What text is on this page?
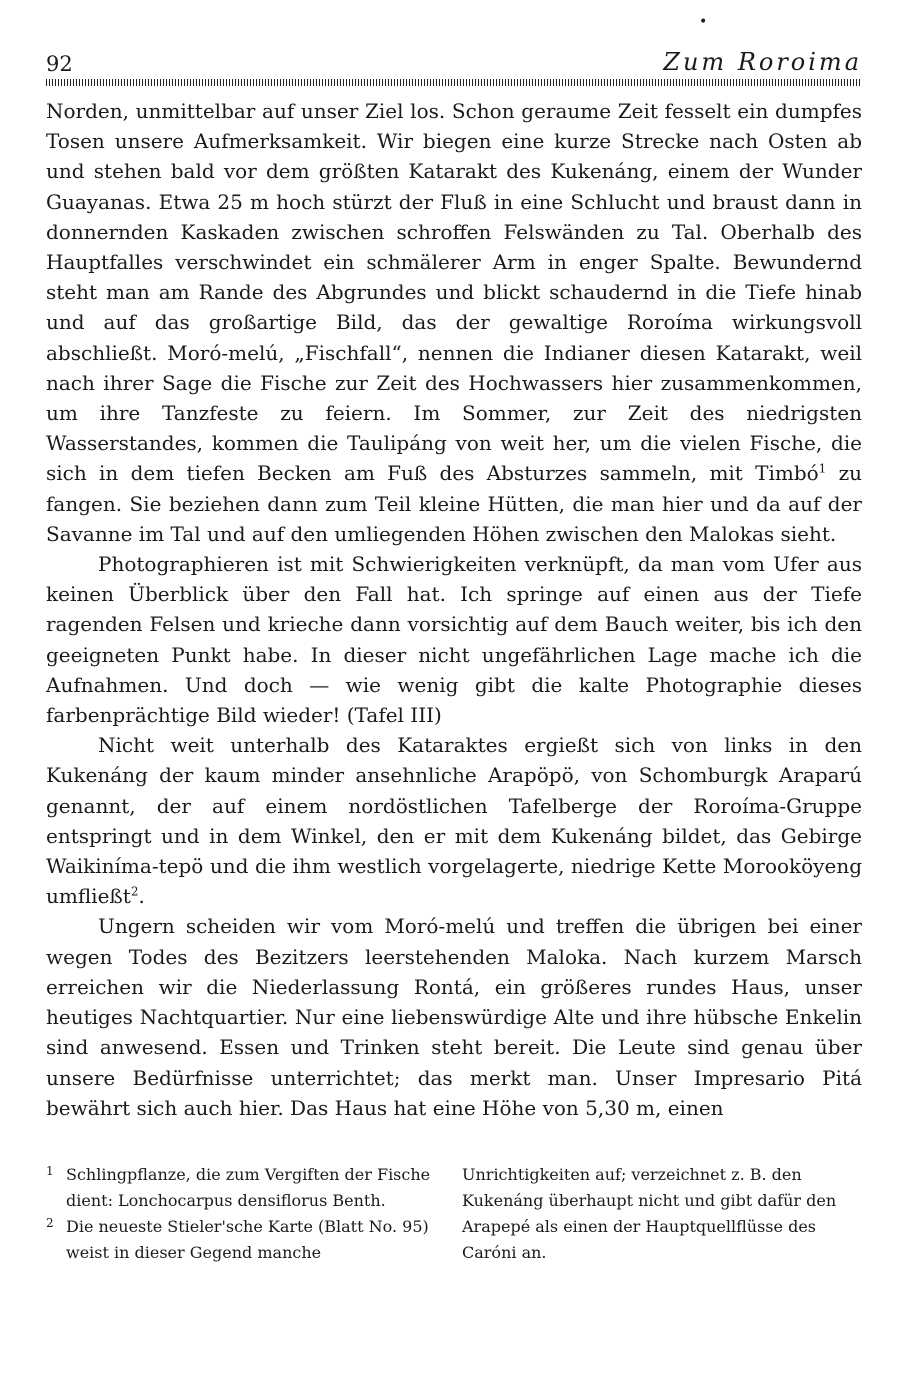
•
92	Zum Roroima

Norden, unmittelbar auf unser Ziel los. Schon geraume Zeit fesselt ein dumpfes Tosen unsere Aufmerksamkeit. Wir biegen eine kurze Strecke nach Osten ab und stehen bald vor dem größten Katarakt des Kukenáng, einem der Wunder Guayanas. Etwa 25 m hoch stürzt der Fluß in eine Schlucht und braust dann in donnernden Kaskaden zwischen schroffen Felswänden zu Tal. Oberhalb des Hauptfalles verschwindet ein schmälerer Arm in enger Spalte. Bewundernd steht man am Rande des Abgrundes und blickt schaudernd in die Tiefe hinab und auf das großartige Bild, das der gewaltige Roroíma wirkungsvoll abschließt. Moró-melú, „Fischfall“, nennen die Indianer diesen Katarakt, weil nach ihrer Sage die Fische zur Zeit des Hochwassers hier zusammenkommen, um ihre Tanzfeste zu feiern. Im Sommer, zur Zeit des niedrigsten Wasserstandes, kommen die Taulipáng von weit her, um die vielen Fische, die sich in dem tiefen Becken am Fuß des Absturzes sammeln, mit Timbó$^1$ zu fangen. Sie beziehen dann zum Teil kleine Hütten, die man hier und da auf der Savanne im Tal und auf den umliegenden Höhen zwischen den Malokas sieht.

Photographieren ist mit Schwierigkeiten verknüpft, da man vom Ufer aus keinen Überblick über den Fall hat. Ich springe auf einen aus der Tiefe ragenden Felsen und krieche dann vorsichtig auf dem Bauch weiter, bis ich den geeigneten Punkt habe. In dieser nicht ungefährlichen Lage mache ich die Aufnahmen. Und doch — wie wenig gibt die kalte Photographie dieses farbenprächtige Bild wieder! (Tafel III)

Nicht weit unterhalb des Kataraktes ergießt sich von links in den Kukenáng der kaum minder ansehnliche Arapöpö, von Schomburgk Araparú genannt, der auf einem nordöstlichen Tafelberge der Roroíma-Gruppe entspringt und in dem Winkel, den er mit dem Kukenáng bildet, das Gebirge Waikiníma-tepö und die ihm westlich vorgelagerte, niedrige Kette Morooköyeng umfließt$^2$.

Ungern scheiden wir vom Moró-melú und treffen die übrigen bei einer wegen Todes des Bezitzers leerstehenden Maloka. Nach kurzem Marsch erreichen wir die Niederlassung Rontá, ein größeres rundes Haus, unser heutiges Nachtquartier. Nur eine liebenswürdige Alte und ihre hübsche Enkelin sind anwesend. Essen und Trinken steht bereit. Die Leute sind genau über unsere Bedürfnisse unterrichtet; das merkt man. Unser Impresario Pitá bewährt sich auch hier. Das Haus hat eine Höhe von 5,30 m, einen

1 Schlingpflanze, die zum Vergiften der Fische dient: Lonchocarpus densiflorus Benth.

2 Die neueste Stieler'sche Karte (Blatt No. 95) weist in dieser Gegend manche

Unrichtigkeiten auf; verzeichnet z. B. den Kukenáng überhaupt nicht und gibt dafür den Arapepé als einen der Hauptquellflüsse des Caróni an.
